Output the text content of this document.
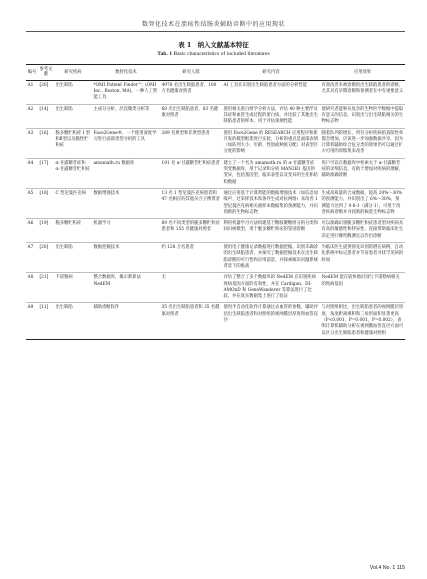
数智化技术在溃疡性结肠炎辅助诊断中的应用现状
表 1　纳入文献基本特征
Tab. 1 Basic characteristics of included literatures
编号	参考文献	研究疾病	数智化技术	研究人群	研究内容	应用效果
A1	[20]	出生缺陷	*OMI Patient Finder™, (OMI Inc., Boston, MA)，一种人工智能工具	4978 名出生缺陷患者，100 万名健康对照者	AI 工具在识别出生缺陷患者方面的分析性能	有效改善未被诊断的出生缺陷患者的诊断，尤其具有早期诊断和预测者在中有重要意义
A2	[14]	出生缺陷	主成分分析、层次聚类分析等	69 名出生缺陷患者、83 名健康对照者	使用相关蛋白组学分析方法，评估 40 种主要浮及其症和血管生成过程的蛋白质，并比较了其他出生缺陷患者的样本，用于评估预测性能	使研究者能够从复杂的生物医学数据中提取有意义的信息，识别出与出生缺陷相关的生物标志物
A3	[16]	脆多糖贮积症 I 型和Ⅱ型以及脆性贮积症	Face2Gene®，一个使用深度学习进行面部类型分析的工具	289 名典型和非典型患者	使用 Face2Gene 的 RESEARCH 应用程序和新开发的模型框架进行实验，分析的重点是面部表情（如队列大小、年龄、性别或种族分配）对表型区分度的影响	随着队列的增长，所有分析疾病的真阳性率都会增加，应该进一步加强数据共享，因为计算机辅助综合征分类的效果仍可以通过扩大可用的训练集来改善
A4	[17]	α-甘露糖苷症和 α-甘露糖苷贮积症	amamath.ru 数据库	191 名 α-甘露糖苷贮积症患者	建立了一个名为 amamath.ru 的 α-甘露糖苷症突变数据库，用于记录和分析 MAN2B1 基因的变异，包括基因型、临床表型以及变异的生化和结构数据	用户可以在数据库中检索关于 α-甘露糖苷症的详细信息，有助于增加对疾病的理解，辅助准确诊断
A5	[18]	C 型尼曼匹克病	数据增强技术	13 名 1 型尼曼匹克病患者和 47 名相应的其他杂合子携带者	通过应用基于计算智能的数据增强技术（如信息加噪声、过采样技术和条件生成对抗网络）来改善 1 型尼曼匹克病相关液样本数据集的预测能力，并识别新的生物标志物	生成高质量的合成数据，提高 20%～30% 的预测能力，并识别出了 6%～30%，预测能力达到了 0.8-1（满分 1），可用于改善疾病诊断并寻找新的候选生物标志物
A6	[19]	脆多糖贮积症	机器学习	89 名不同类型的脆多糖贮积症患者和 155 名健康对照者	利用机器学习方法构建基于糖胺聚糖组分的分类和回归树模型，用于脆多糖贮积症的鉴别诊断	可以准确识别脆多糖贮积症患者型对疾病具有高的敏感性和特异性，直接帮助临床医生决定进行哪些酶测定以作出诊断
A7	[20]	出生缺陷	数据挖掘技术	约 128 万名患者	使用电子健康记录数据进行数据挖掘，识别未确诊的出生缺陷患者，并探究了数据挖掘技术在出生缺陷诊断的可行性和应用前景，并探索解决问题系统背景下的挑战	为临床医生提供预先识别的潜在病例，自动化系统中标记患者并节省患者寻找罕见病的时间
A8	[21]	卡诺勒病	整合数据库，揭示新算法 NedEM	无	评估了整合了多个数据库的 NedEM 在识别疾病致病基因方面的有效性，并在 Cardigan、DI-AMOnD 和 GeneWanderer 等算法进行了比较，并在真实数据集上进行了验证	NedEM 能在较快地识别与卡诺勒病相关的致病基因
A9	[11]	出生缺陷	辅助诊断软件	35 名出生缺陷患者和 35 名健康对照者	使用半自动化软件计算通过去血管的参数，辅助评估出生缺陷患者和对照组的视网膜层厚度和血管直径	与对照组相比，出生缺陷患者的视网膜层厚度，角度距离乘积和三角形面积显著更高（P<0.001，P=0.001，P=0.002），表明计算机辅助分析在视网膜血管直径方面可以区分出生缺陷患者和健康对照组
Vol.4 No. 1 115
